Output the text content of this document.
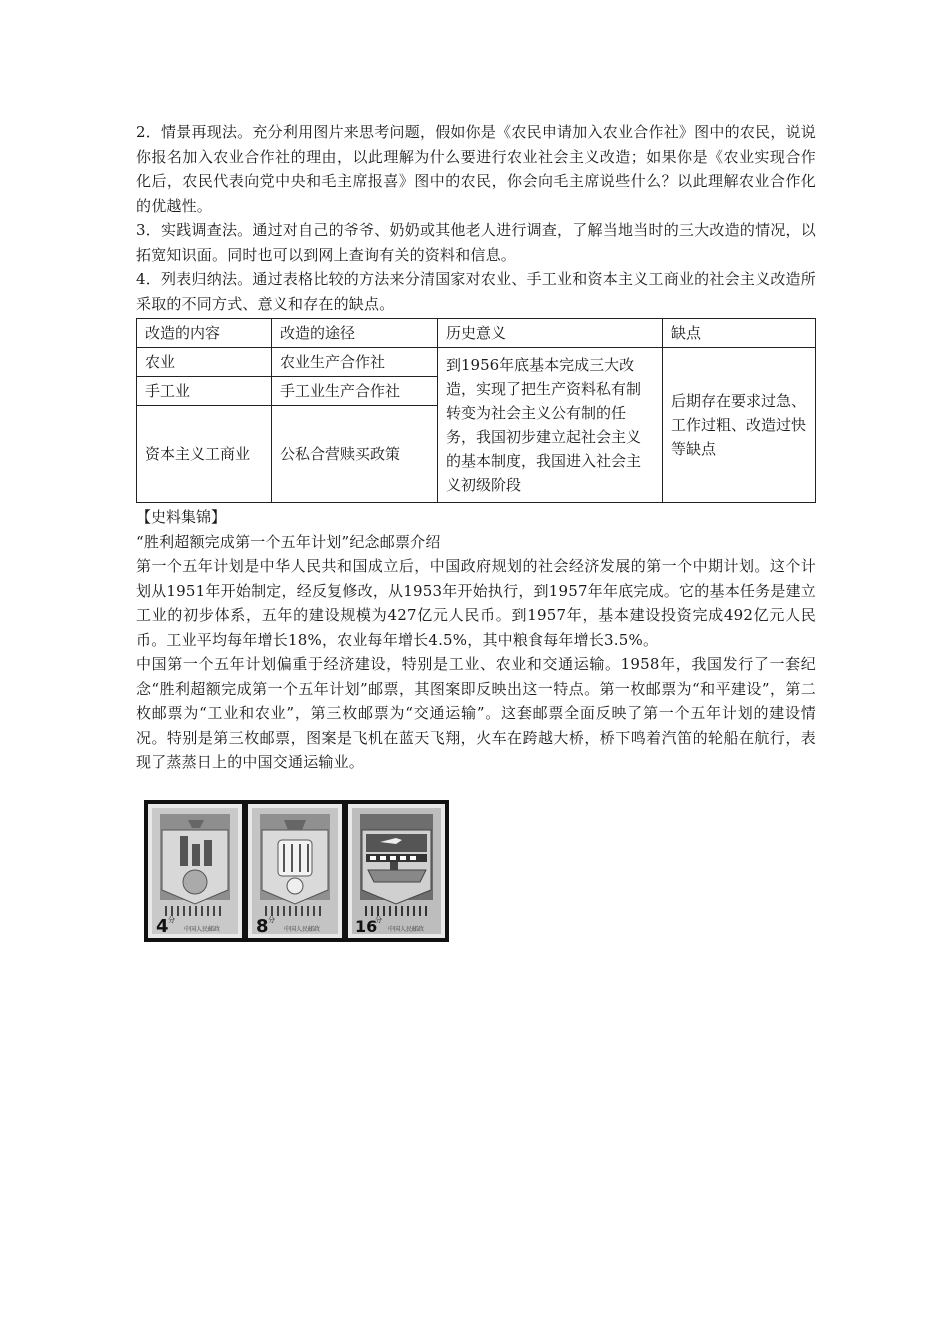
2．情景再现法。充分利用图片来思考问题，假如你是《农民申请加入农业合作社》图中的农民，说说你报名加入农业合作社的理由，以此理解为什么要进行农业社会主义改造；如果你是《农业实现合作化后，农民代表向党中央和毛主席报喜》图中的农民，你会向毛主席说些什么？以此理解农业合作化的优越性。

3．实践调查法。通过对自己的爷爷、奶奶或其他老人进行调查，了解当地当时的三大改造的情况，以拓宽知识面。同时也可以到网上查询有关的资料和信息。

4．列表归纳法。通过表格比较的方法来分清国家对农业、手工业和资本主义工商业的社会主义改造所采取的不同方式、意义和存在的缺点。

改造的内容	改造的途径	历史意义	缺点
农业	农业生产合作社	到1956年底基本完成三大改造，实现了把生产资料私有制转变为社会主义公有制的任务，我国初步建立起社会主义的基本制度，我国进入社会主义初级阶段	后期存在要求过急、工作过粗、改造过快等缺点
手工业	手工业生产合作社		
资本主义工商业	公私合营赎买政策		

【史料集锦】

“胜利超额完成第一个五年计划”纪念邮票介绍

第一个五年计划是中华人民共和国成立后，中国政府规划的社会经济发展的第一个中期计划。这个计划从1951年开始制定，经反复修改，从1953年开始执行，到1957年年底完成。它的基本任务是建立工业的初步体系，五年的建设规模为427亿元人民币。到1957年，基本建设投资完成492亿元人民币。工业平均每年增长18%，农业每年增长4.5%，其中粮食每年增长3.5%。

中国第一个五年计划偏重于经济建设，特别是工业、农业和交通运输。1958年，我国发行了一套纪念“胜利超额完成第一个五年计划”邮票，其图案即反映出这一特点。第一枚邮票为“和平建设”，第二枚邮票为“工业和农业”，第三枚邮票为“交通运输”。这套邮票全面反映了第一个五年计划的建设情况。特别是第三枚邮票，图案是飞机在蓝天飞翔，火车在跨越大桥，桥下鸣着汽笛的轮船在航行，表现了蒸蒸日上的中国交通运输业。

4 分
中国人民邮政 8 分
中国人民邮政 16
分
中国人民邮政
